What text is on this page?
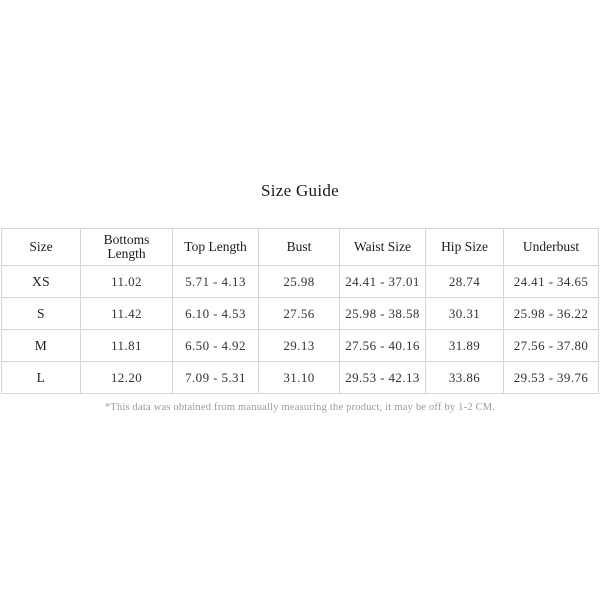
Size Guide
Size	Bottoms Length	Top Length	Bust	Waist Size	Hip Size	Underbust
XS	11.02	5.71 - 4.13	25.98	24.41 - 37.01	28.74	24.41 - 34.65
S	11.42	6.10 - 4.53	27.56	25.98 - 38.58	30.31	25.98 - 36.22
M	11.81	6.50 - 4.92	29.13	27.56 - 40.16	31.89	27.56 - 37.80
L	12.20	7.09 - 5.31	31.10	29.53 - 42.13	33.86	29.53 - 39.76
*This data was obtained from manually measuring the product, it may be off by 1-2 CM.
